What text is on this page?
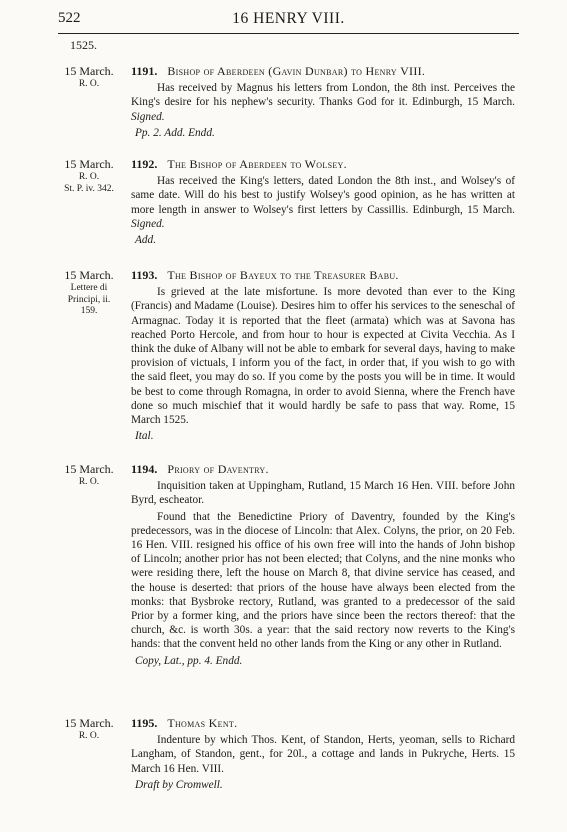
522	16 HENRY VIII.
1525.
15 March.
R. O.
1191. Bishop of Aberdeen (Gavin Dunbar) to Henry VIII.

Has received by Magnus his letters from London, the 8th inst. Perceives the King's desire for his nephew's security. Thanks God for it. Edinburgh, 15 March. Signed.

Pp. 2. Add. Endd.
15 March.
R. O.
St. P. iv. 342.
1192. The Bishop of Aberdeen to Wolsey.

Has received the King's letters, dated London the 8th inst., and Wolsey's of same date. Will do his best to justify Wolsey's good opinion, as he has written at more length in answer to Wolsey's first letters by Cassillis. Edinburgh, 15 March. Signed.

Add.
15 March.
Lettere di
Principi, ii.
159.
1193. The Bishop of Bayeux to the Treasurer Babu.

Is grieved at the late misfortune. Is more devoted than ever to the King (Francis) and Madame (Louise). Desires him to offer his services to the seneschal of Armagnac. Today it is reported that the fleet (armata) which was at Savona has reached Porto Hercole, and from hour to hour is expected at Civita Vecchia. As I think the duke of Albany will not be able to embark for several days, having to make provision of victuals, I inform you of the fact, in order that, if you wish to go with the said fleet, you may do so. If you come by the posts you will be in time. It would be best to come through Romagna, in order to avoid Sienna, where the French have done so much mischief that it would hardly be safe to pass that way. Rome, 15 March 1525.

Ital.
15 March.
R. O.
1194. Priory of Daventry.

Inquisition taken at Uppingham, Rutland, 15 March 16 Hen. VIII. before John Byrd, escheator.

Found that the Benedictine Priory of Daventry, founded by the King's predecessors, was in the diocese of Lincoln: that Alex. Colyns, the prior, on 20 Feb. 16 Hen. VIII. resigned his office of his own free will into the hands of John bishop of Lincoln; another prior has not been elected; that Colyns, and the nine monks who were residing there, left the house on March 8, that divine service has ceased, and the house is deserted: that priors of the house have always been elected from the monks: that Bysbroke rectory, Rutland, was granted to a predecessor of the said Prior by a former king, and the priors have since been the rectors thereof: that the church, &c. is worth 30s. a year: that the said rectory now reverts to the King's hands: that the convent held no other lands from the King or any other in Rutland.

Copy, Lat., pp. 4. Endd.
15 March.
R. O.
1195. Thomas Kent.

Indenture by which Thos. Kent, of Standon, Herts, yeoman, sells to Richard Langham, of Standon, gent., for 20l., a cottage and lands in Pukryche, Herts. 15 March 16 Hen. VIII.

Draft by Cromwell.
